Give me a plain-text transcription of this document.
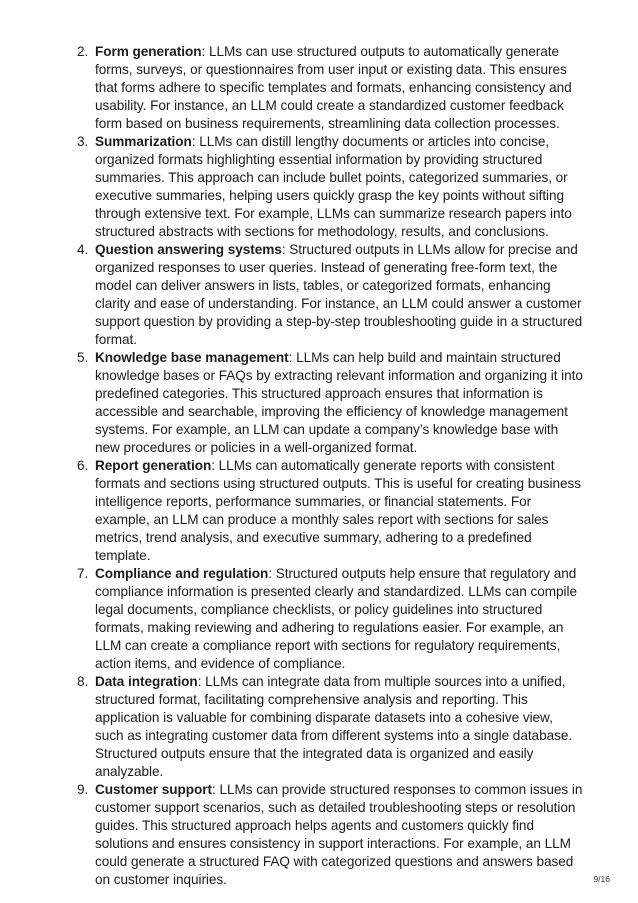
2. Form generation: LLMs can use structured outputs to automatically generate forms, surveys, or questionnaires from user input or existing data. This ensures that forms adhere to specific templates and formats, enhancing consistency and usability. For instance, an LLM could create a standardized customer feedback form based on business requirements, streamlining data collection processes.
3. Summarization: LLMs can distill lengthy documents or articles into concise, organized formats highlighting essential information by providing structured summaries. This approach can include bullet points, categorized summaries, or executive summaries, helping users quickly grasp the key points without sifting through extensive text. For example, LLMs can summarize research papers into structured abstracts with sections for methodology, results, and conclusions.
4. Question answering systems: Structured outputs in LLMs allow for precise and organized responses to user queries. Instead of generating free-form text, the model can deliver answers in lists, tables, or categorized formats, enhancing clarity and ease of understanding. For instance, an LLM could answer a customer support question by providing a step-by-step troubleshooting guide in a structured format.
5. Knowledge base management: LLMs can help build and maintain structured knowledge bases or FAQs by extracting relevant information and organizing it into predefined categories. This structured approach ensures that information is accessible and searchable, improving the efficiency of knowledge management systems. For example, an LLM can update a company’s knowledge base with new procedures or policies in a well-organized format.
6. Report generation: LLMs can automatically generate reports with consistent formats and sections using structured outputs. This is useful for creating business intelligence reports, performance summaries, or financial statements. For example, an LLM can produce a monthly sales report with sections for sales metrics, trend analysis, and executive summary, adhering to a predefined template.
7. Compliance and regulation: Structured outputs help ensure that regulatory and compliance information is presented clearly and standardized. LLMs can compile legal documents, compliance checklists, or policy guidelines into structured formats, making reviewing and adhering to regulations easier. For example, an LLM can create a compliance report with sections for regulatory requirements, action items, and evidence of compliance.
8. Data integration: LLMs can integrate data from multiple sources into a unified, structured format, facilitating comprehensive analysis and reporting. This application is valuable for combining disparate datasets into a cohesive view, such as integrating customer data from different systems into a single database. Structured outputs ensure that the integrated data is organized and easily analyzable.
9. Customer support: LLMs can provide structured responses to common issues in customer support scenarios, such as detailed troubleshooting steps or resolution guides. This structured approach helps agents and customers quickly find solutions and ensures consistency in support interactions. For example, an LLM could generate a structured FAQ with categorized questions and answers based on customer inquiries.	9/16
